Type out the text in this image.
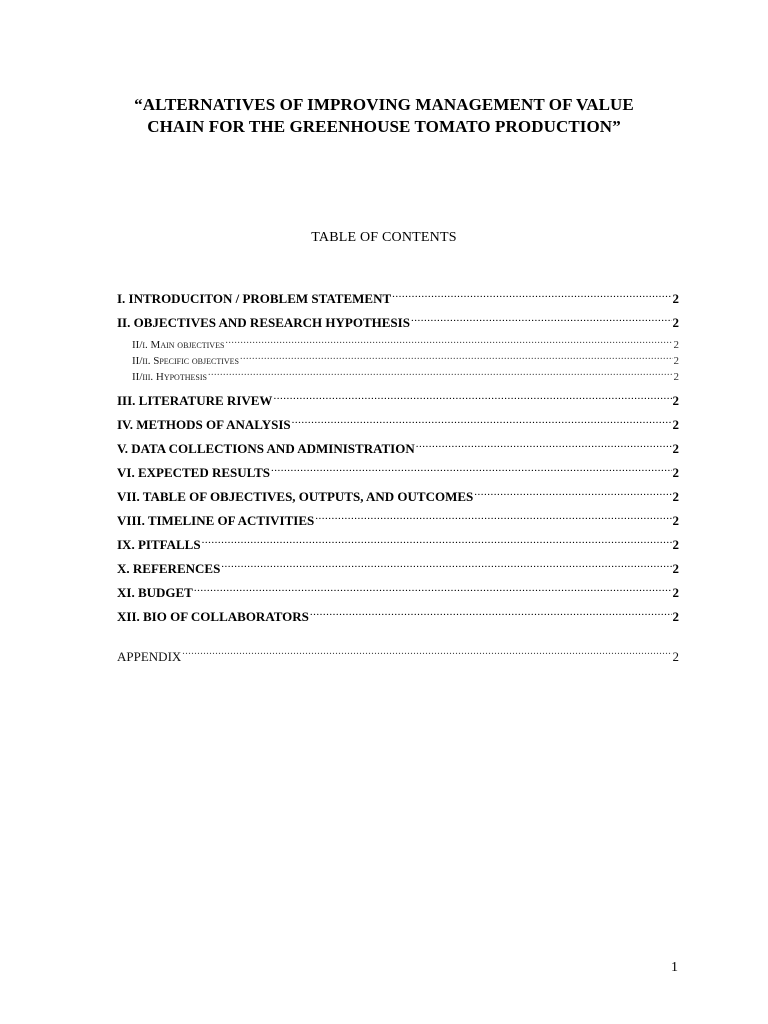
“ALTERNATIVES OF IMPROVING MANAGEMENT OF VALUE
CHAIN FOR THE GREENHOUSE TOMATO PRODUCTION”
TABLE OF CONTENTS
I. INTRODUCITON / PROBLEM STATEMENT .....	2
II. OBJECTIVES AND RESEARCH HYPOTHESIS .....	2
II/i. Main objectives .....	2
II/ii. Specific objectives .....	2
II/iii. Hypothesis .....	2
III. LITERATURE RIVEW .....	2
IV. METHODS OF ANALYSIS .....	2
V. DATA COLLECTIONS AND ADMINISTRATION .....	2
VI. EXPECTED RESULTS .....	2
VII. TABLE OF OBJECTIVES, OUTPUTS, AND OUTCOMES .....	2
VIII. TIMELINE OF ACTIVITIES .....	2
IX. PITFALLS .....	2
X. REFERENCES .....	2
XI. BUDGET .....	2
XII. BIO OF COLLABORATORS .....	2
APPENDIX .....	2
1
